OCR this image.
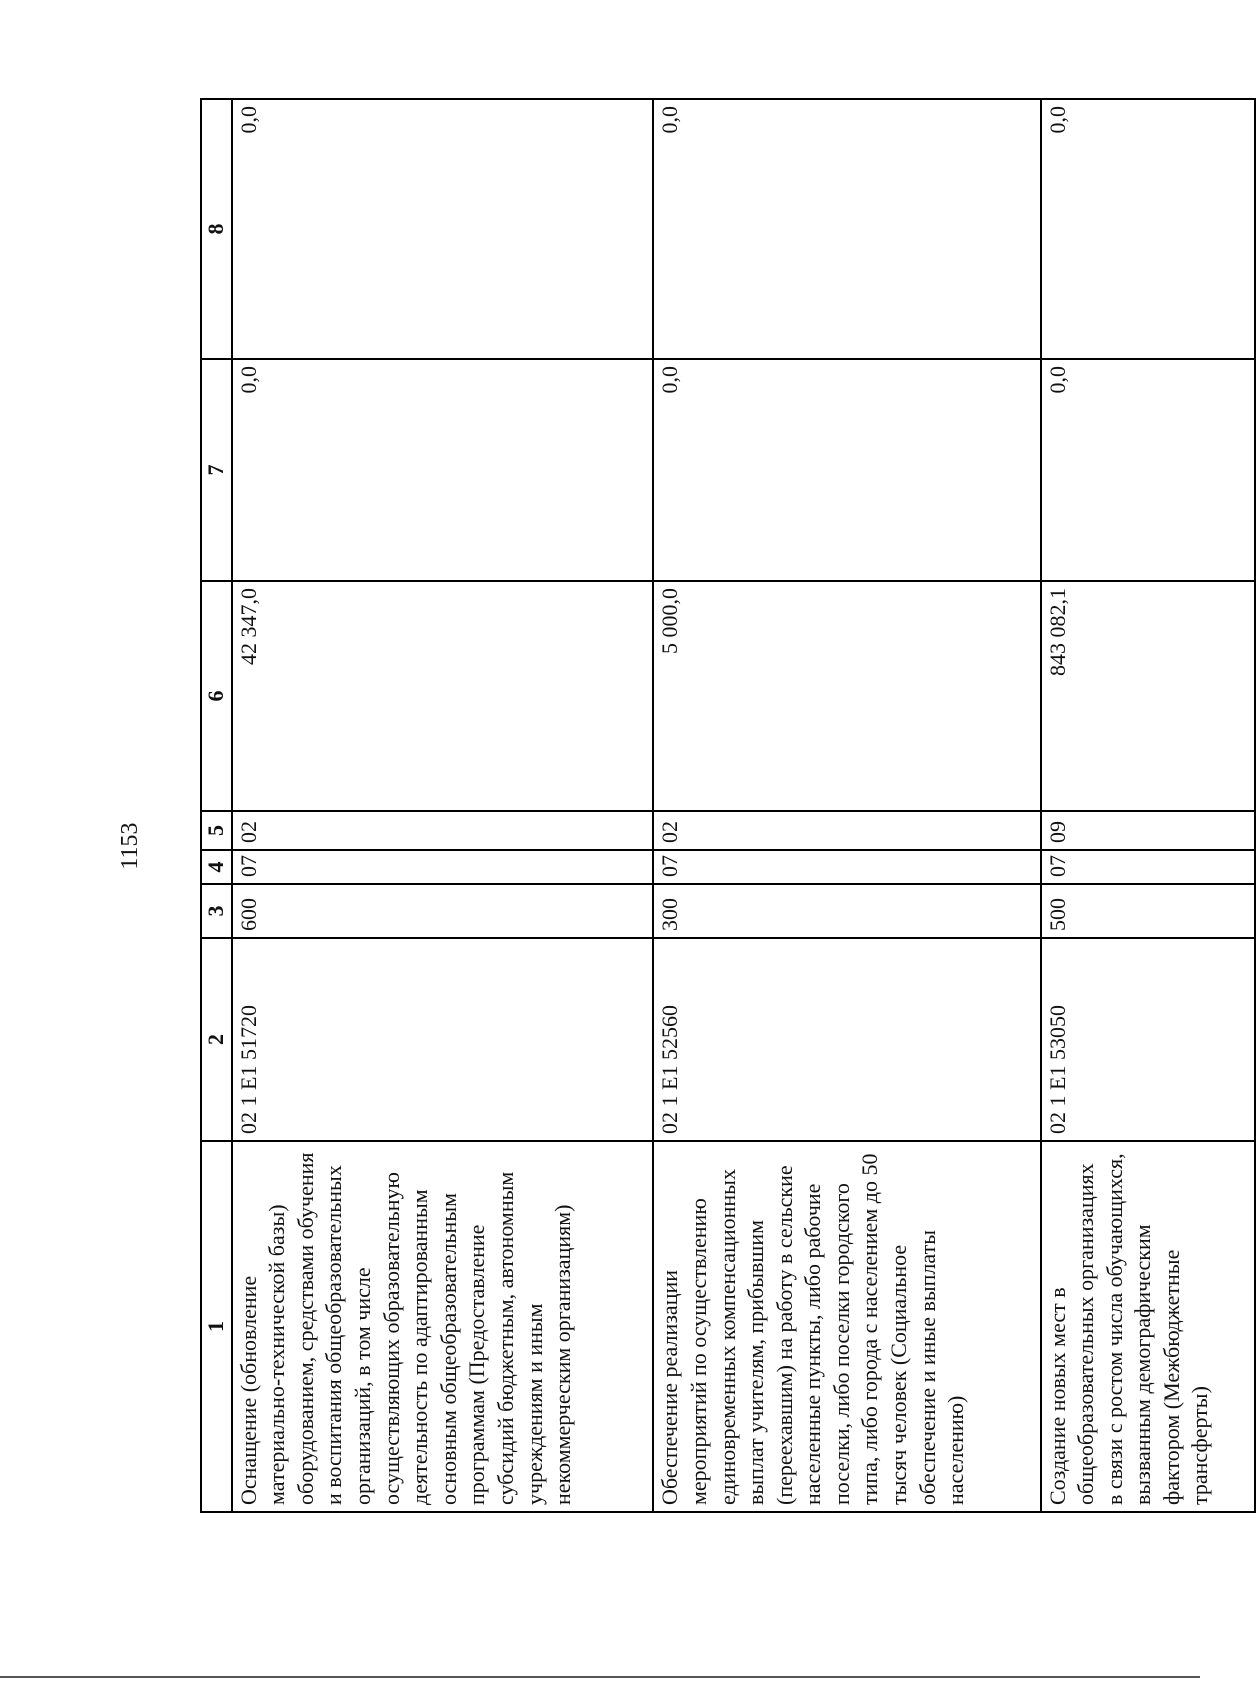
1153
1	2	3	4	5	6	7	8
Оснащение (обновление материально-технической базы) оборудованием, средствами обучения и воспитания общеобразовательных организаций, в том числе осуществляющих образовательную деятельность по адаптированным основным общеобразовательным программам (Предоставление субсидий бюджетным, автономным учреждениям и иным некоммерческим организациям)	02 1 E1 51720	600	07	02	42 347,0	0,0	0,0
Обеспечение реализации мероприятий по осуществлению единовременных компенсационных выплат учителям, прибывшим (переехавшим) на работу в сельские населенные пункты, либо рабочие поселки, либо поселки городского типа, либо города с населением до 50 тысяч человек (Социальное обеспечение и иные выплаты населению)	02 1 E1 52560	300	07	02	5 000,0	0,0	0,0
Создание новых мест в общеобразовательных организациях в связи с ростом числа обучающихся, вызванным демографическим фактором (Межбюджетные трансферты)	02 1 E1 53050	500	07	09	843 082,1	0,0	0,0
